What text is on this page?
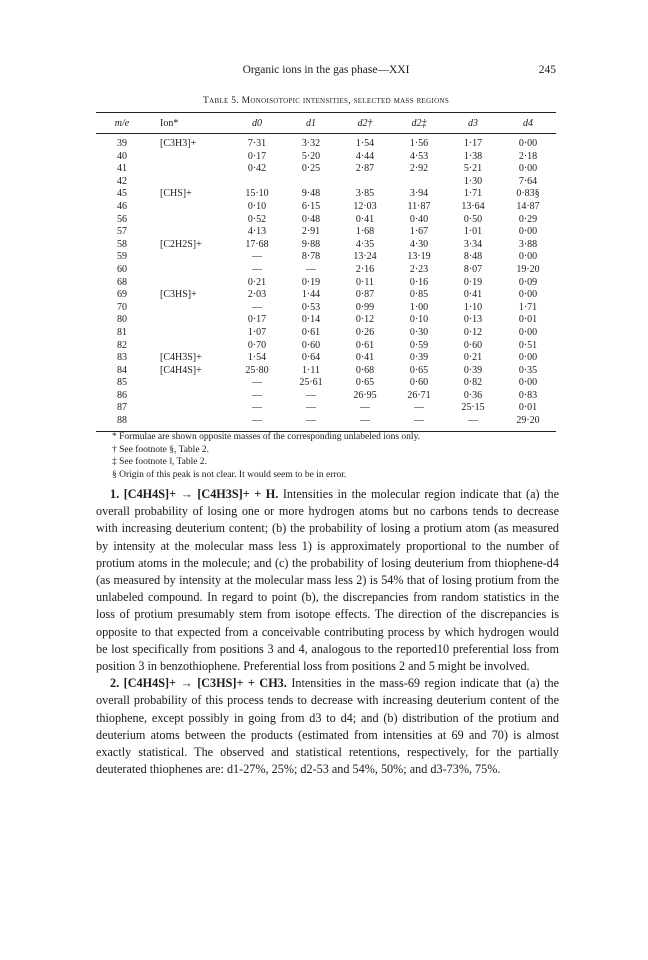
Organic ions in the gas phase—XXI	245
Table 5. Monoisotopic intensities, selected mass regions
m/e	Ion*	d0	d1	d2†	d2‡	d3	d4
39	[C3H3]+	7·31	3·32	1·54	1·56	1·17	0·00
40		0·17	5·20	4·44	4·53	1·38	2·18
41		0·42	0·25	2·87	2·92	5·21	0·00
42						1·30	7·64
45	[CHS]+	15·10	9·48	3·85	3·94	1·71	0·83§
46		0·10	6·15	12·03	11·87	13·64	14·87
56		0·52	0·48	0·41	0·40	0·50	0·29
57		4·13	2·91	1·68	1·67	1·01	0·00
58	[C2H2S]+	17·68	9·88	4·35	4·30	3·34	3·88
59		—	8·78	13·24	13·19	8·48	0·00
60		—	—	2·16	2·23	8·07	19·20
68		0·21	0·19	0·11	0·16	0·19	0·09
69	[C3HS]+	2·03	1·44	0·87	0·85	0·41	0·00
70		—	0·53	0·99	1·00	1·10	1·71
80		0·17	0·14	0·12	0·10	0·13	0·01
81		1·07	0·61	0·26	0·30	0·12	0·00
82		0·70	0·60	0·61	0·59	0·60	0·51
83	[C4H3S]+	1·54	0·64	0·41	0·39	0·21	0·00
84	[C4H4S]+	25·80	1·11	0·68	0·65	0·39	0·35
85		—	25·61	0·65	0·60	0·82	0·00
86		—	—	26·95	26·71	0·36	0·83
87		—	—	—	—	25·15	0·01
88		—	—	—	—	—	29·20
* Formulae are shown opposite masses of the corresponding unlabeled ions only.
† See footnote §, Table 2.
‡ See footnote ‖, Table 2.
§ Origin of this peak is not clear. It would seem to be in error.

1. [C4H4S]+ → [C4H3S]+ + H. Intensities in the molecular region indicate that (a) the overall probability of losing one or more hydrogen atoms but no carbons tends to decrease with increasing deuterium content; (b) the probability of losing a protium atom (as measured by intensity at the molecular mass less 1) is approximately proportional to the number of protium atoms in the molecule; and (c) the probability of losing deuterium from thiophene-d4 (as measured by intensity at the molecular mass less 2) is 54% that of losing protium from the unlabeled compound. In regard to point (b), the discrepancies from random statistics in the loss of protium presumably stem from isotope effects. The direction of the discrepancies is opposite to that expected from a conceivable contributing process by which hydrogen would be lost specifically from positions 3 and 4, analogous to the reported10 preferential loss from position 3 in benzothiophene. Preferential loss from positions 2 and 5 might be involved.

2. [C4H4S]+ → [C3HS]+ + CH3. Intensities in the mass-69 region indicate that (a) the overall probability of this process tends to decrease with increasing deuterium content of the thiophene, except possibly in going from d3 to d4; and (b) distribution of the protium and deuterium atoms between the products (estimated from intensities at 69 and 70) is almost exactly statistical. The observed and statistical retentions, respectively, for the partially deuterated thiophenes are: d1-27%, 25%; d2-53 and 54%, 50%; and d3-73%, 75%.
